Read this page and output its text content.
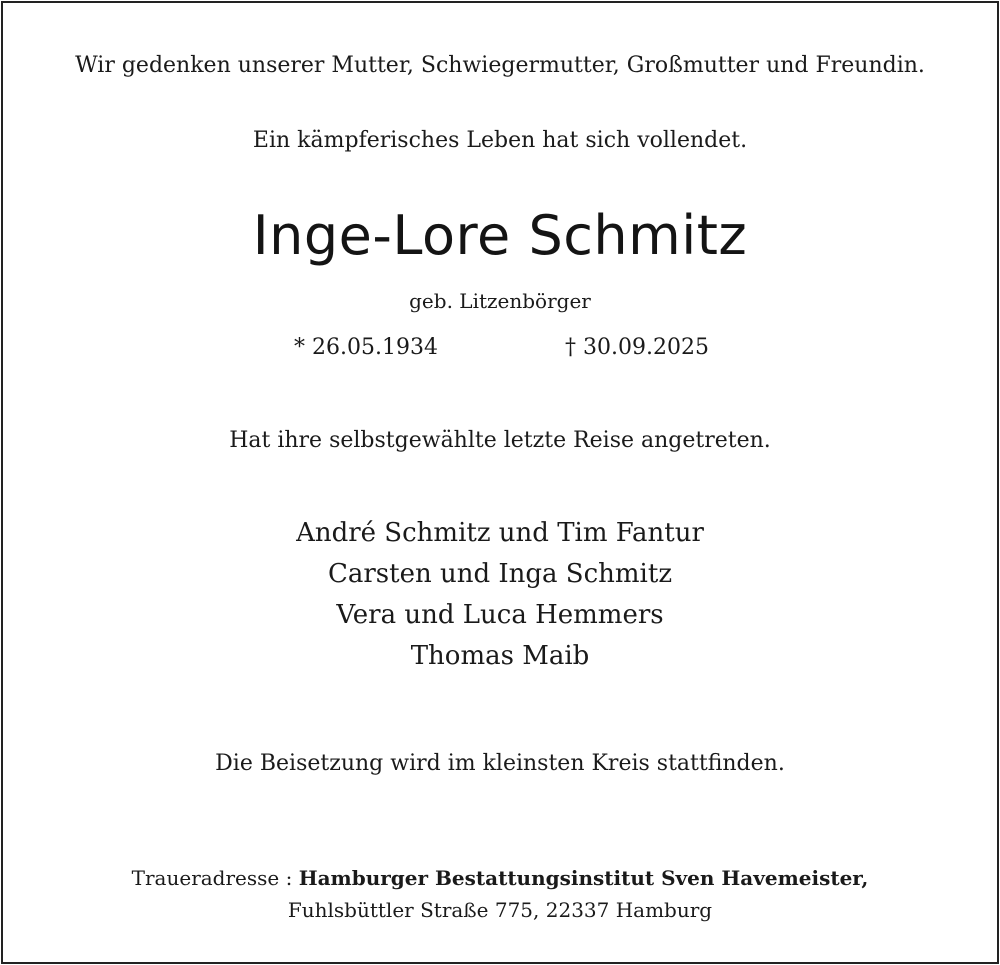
Wir gedenken unserer Mutter, Schwiegermutter, Großmutter und Freundin.
Ein kämpferisches Leben hat sich vollendet.
Inge-Lore Schmitz
geb. Litzenbörger
* 26.05.1934	† 30.09.2025
Hat ihre selbstgewählte letzte Reise angetreten.
André Schmitz und Tim Fantur
Carsten und Inga Schmitz
Vera und Luca Hemmers
Thomas Maib
Die Beisetzung wird im kleinsten Kreis stattfinden.
Traueradresse : Hamburger Bestattungsinstitut Sven Havemeister,
Fuhlsbüttler Straße 775, 22337 Hamburg
